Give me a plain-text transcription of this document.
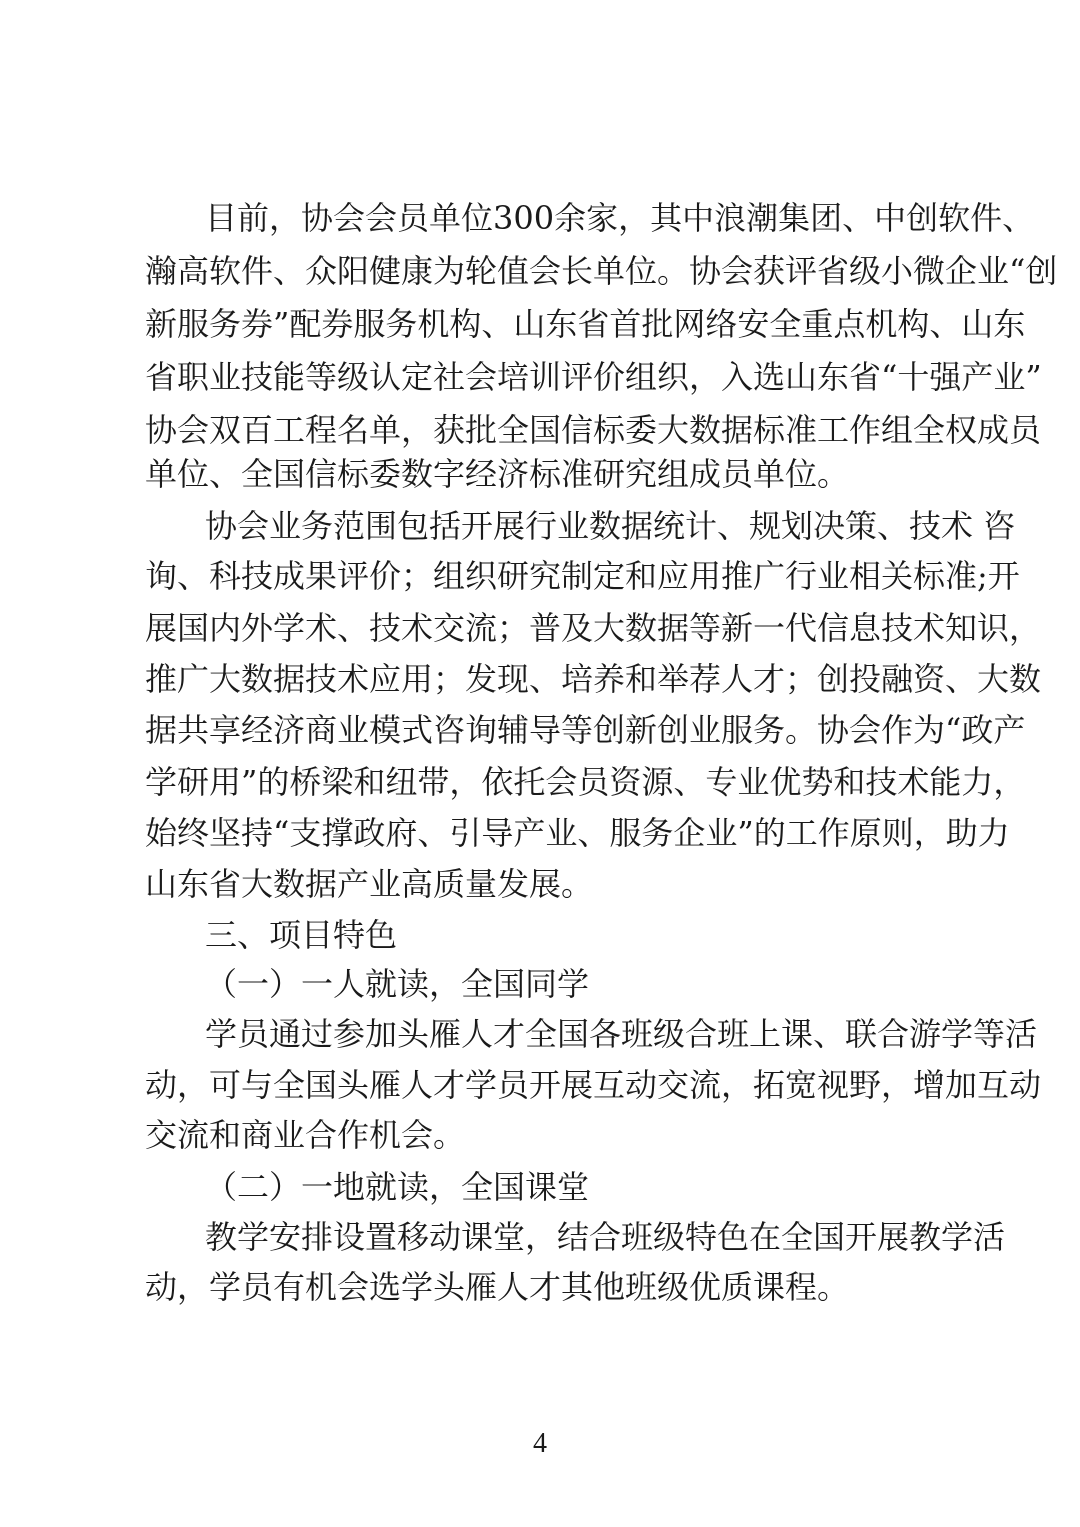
目前，协会会员单位300余家，其中浪潮集团、中创软件、
瀚高软件、众阳健康为轮值会长单位。协会获评省级小微企业“创
新服务券”配券服务机构、山东省首批网络安全重点机构、山东
省职业技能等级认定社会培训评价组织，入选山东省“十强产业”
协会双百工程名单，获批全国信标委大数据标准工作组全权成员
单位、全国信标委数字经济标准研究组成员单位。
协会业务范围包括开展行业数据统计、规划决策、技术 咨
询、科技成果评价；组织研究制定和应用推广行业相关标准;开
展国内外学术、技术交流；普及大数据等新一代信息技术知识，
推广大数据技术应用；发现、培养和举荐人才；创投融资、大数
据共享经济商业模式咨询辅导等创新创业服务。协会作为“政产
学研用”的桥梁和纽带，依托会员资源、专业优势和技术能力，
始终坚持“支撑政府、引导产业、服务企业”的工作原则，助力
山东省大数据产业高质量发展。
三、项目特色
（一）一人就读，全国同学
学员通过参加头雁人才全国各班级合班上课、联合游学等活
动，可与全国头雁人才学员开展互动交流，拓宽视野，增加互动
交流和商业合作机会。
（二）一地就读，全国课堂
教学安排设置移动课堂，结合班级特色在全国开展教学活
动，学员有机会选学头雁人才其他班级优质课程。
4
